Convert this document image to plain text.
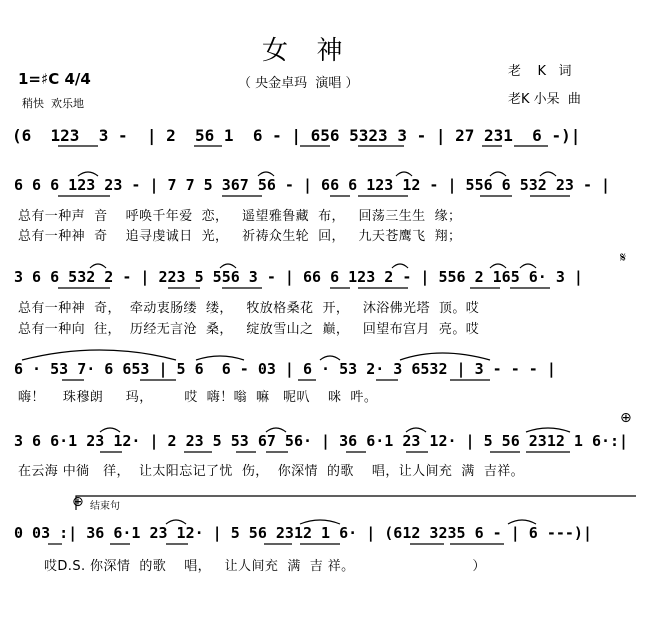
女  神
（ 央金卓玛  演唱 ）
1=♯C 4/4
稍快  欢乐地
老    K   词
老K 小呆  曲
(6  123  3 -  | 2  56 1  6 - | 656 5323 3 - | 27 231  6 -)|
6 6 6 123 23 - | 7 7 5 367 56 - | 66 6 123 12 - | 556 6 532 23 - |
总有一种声  音    呼唤千年爱  恋，   遥望雅鲁藏  布，   回荡三生生  缘；
总有一种神  奇    追寻虔诚日  光，   祈祷众生轮  回，   九天苍鹰飞  翔；
𝄋
3 6 6 532 2 - | 223 5 556 3 - | 66 6 123 2 - | 556 2 165 6· 3 |
总有一种神  奇，  牵动衷肠缕  缕，   牧放格桑花  开，   沐浴佛光塔  顶。哎
总有一种向  往，  历经无言沧  桑，   绽放雪山之  巅，   回望布宫月  亮。哎
6 · 53 7· 6 653 | 5 6  6 - 03 | 6 · 53 2· 3 6532 | 3 - - - |
嗨！    珠穆朗     玛，       哎  嗨！嗡  嘛   呢叭    咪  吽。
⊕
3 6 6·1 23 12· | 2 23 5 53 67 56· | 36 6·1 23 12· | 5 56 2312 1 6·:|
在云海 中徜   徉，  让太阳忘记了忧  伤，  你深情  的歌    唱，让人间充  满  吉祥。
⊕ 结束句
0 03 :| 36 6·1 23 12· | 5 56 2312 1 6· | (612 3235 6 - | 6 ---)|
哎D.S. 你深情  的歌    唱，   让人间充  满  吉 祥。                          ）
